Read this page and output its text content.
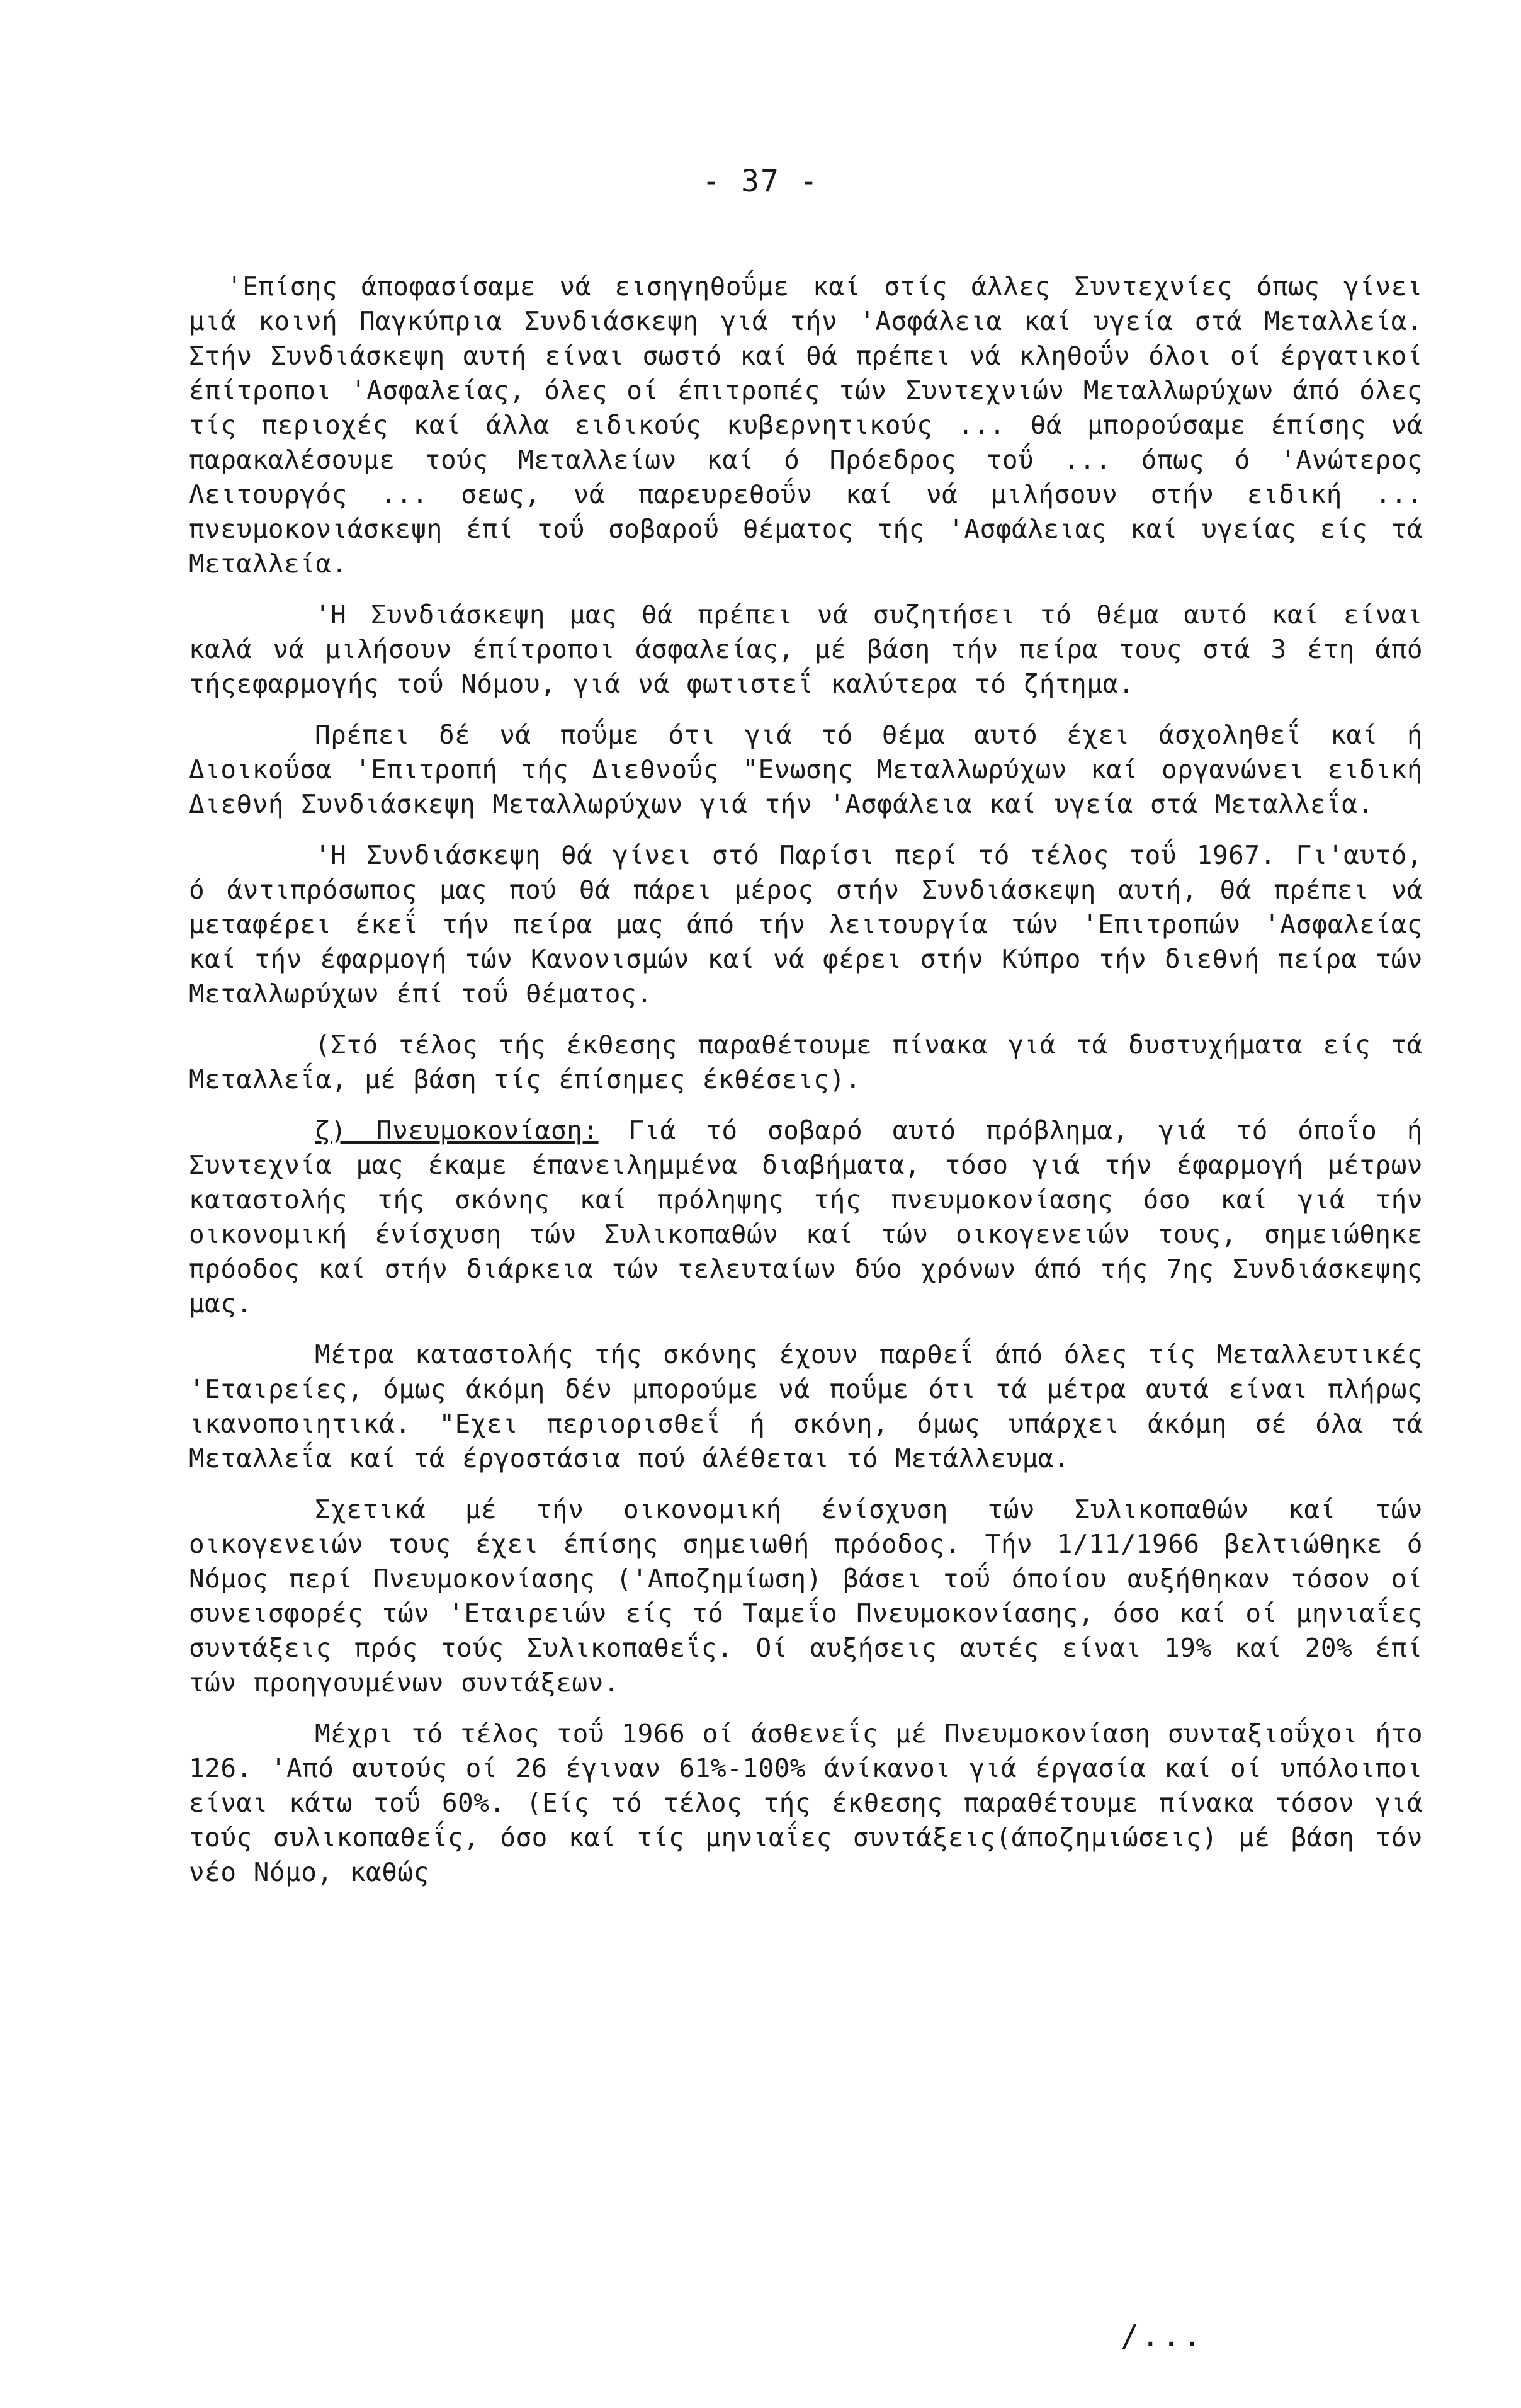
- 37 -

'Επίσης άποφασίσαμε νά εισηγηθοΰμε καί στίς άλλες Συντεχνίες όπως γίνει μιά κοινή Παγκύπρια Συνδιάσκεψη γιά τήν 'Ασφάλεια καί υγεία στά Μεταλλεία. Στήν Συνδιάσκεψη αυτή είναι σωστό καί θά πρέπει νά κληθοΰν όλοι οί έργατικοί έπίτροποι 'Ασφαλείας, όλες οί έπιτροπές τών Συντεχνιών Μεταλλωρύχων άπό όλες τίς περιοχές καί άλλα ειδικούς κυβερνητικούς ... θά μπορούσαμε έπίσης νά παρακαλέσουμε τούς Μεταλλείων καί ό Πρόεδρος τοΰ ... όπως ό 'Ανώτερος Λειτουργός ... σεως, νά παρευρεθοΰν καί νά μιλήσουν στήν ειδική ... πνευμοκονιάσκεψη έπί τοΰ σοβαροΰ θέματος τής 'Ασφάλειας καί υγείας είς τά Μεταλλεία.

'Η Συνδιάσκεψη μας θά πρέπει νά συζητήσει τό θέμα αυτό καί είναι καλά νά μιλήσουν έπίτροποι άσφαλείας, μέ βάση τήν πείρα τους στά 3 έτη άπό τήςεφαρμογής τοΰ Νόμου, γιά νά φωτιστεΐ καλύτερα τό ζήτημα.

Πρέπει δέ νά ποΰμε ότι γιά τό θέμα αυτό έχει άσχοληθεΐ καί ή Διοικοΰσα 'Επιτροπή τής Διεθνοΰς "Ενωσης Μεταλλωρύχων καί οργανώνει ειδική Διεθνή Συνδιάσκεψη Μεταλλωρύχων γιά τήν 'Ασφάλεια καί υγεία στά Μεταλλεΐα.

'Η Συνδιάσκεψη θά γίνει στό Παρίσι περί τό τέλος τοΰ 1967. Γι'αυτό, ό άντιπρόσωπος μας πού θά πάρει μέρος στήν Συνδιάσκεψη αυτή, θά πρέπει νά μεταφέρει έκεΐ τήν πείρα μας άπό τήν λειτουργία τών 'Επιτροπών 'Ασφαλείας καί τήν έφαρμογή τών Κανονισμών καί νά φέρει στήν Κύπρο τήν διεθνή πείρα τών Μεταλλωρύχων έπί τοΰ θέματος.

(Στό τέλος τής έκθεσης παραθέτουμε πίνακα γιά τά δυστυχήματα είς τά Μεταλλεΐα, μέ βάση τίς έπίσημες έκθέσεις).

ζ) Πνευμοκονίαση: Γιά τό σοβαρό αυτό πρόβλημα, γιά τό όποΐο ή Συντεχνία μας έκαμε έπανειλημμένα διαβήματα, τόσο γιά τήν έφαρμογή μέτρων καταστολής τής σκόνης καί πρόληψης τής πνευμοκονίασης όσο καί γιά τήν οικονομική ένίσχυση τών Συλικοπαθών καί τών οικογενειών τους, σημειώθηκε πρόοδος καί στήν διάρκεια τών τελευταίων δύο χρόνων άπό τής 7ης Συνδιάσκεψης μας.

Μέτρα καταστολής τής σκόνης έχουν παρθεΐ άπό όλες τίς Μεταλλευτικές 'Εταιρείες, όμως άκόμη δέν μπορούμε νά ποΰμε ότι τά μέτρα αυτά είναι πλήρως ικανοποιητικά. "Εχει περιορισθεΐ ή σκόνη, όμως υπάρχει άκόμη σέ όλα τά Μεταλλεΐα καί τά έργοστάσια πού άλέθεται τό Μετάλλευμα.

Σχετικά μέ τήν οικονομική ένίσχυση τών Συλικοπαθών καί τών οικογενειών τους έχει έπίσης σημειωθή πρόοδος. Τήν 1/11/1966 βελτιώθηκε ό Νόμος περί Πνευμοκονίασης ('Αποζημίωση) βάσει τοΰ όποίου αυξήθηκαν τόσον οί συνεισφορές τών 'Εταιρειών είς τό Ταμεΐο Πνευμοκονίασης, όσο καί οί μηνιαΐες συντάξεις πρός τούς Συλικοπαθεΐς. Οί αυξήσεις αυτές είναι 19% καί 20% έπί τών προηγουμένων συντάξεων.

Μέχρι τό τέλος τοΰ 1966 οί άσθενεΐς μέ Πνευμοκονίαση συνταξιοΰχοι ήτο 126. 'Από αυτούς οί 26 έγιναν 61%-100% άνίκανοι γιά έργασία καί οί υπόλοιποι είναι κάτω τοΰ 60%. (Είς τό τέλος τής έκθεσης παραθέτουμε πίνακα τόσον γιά τούς συλικοπαθεΐς, όσο καί τίς μηνιαΐες συντάξεις(άποζημιώσεις) μέ βάση τόν νέο Νόμο, καθώς

/...
